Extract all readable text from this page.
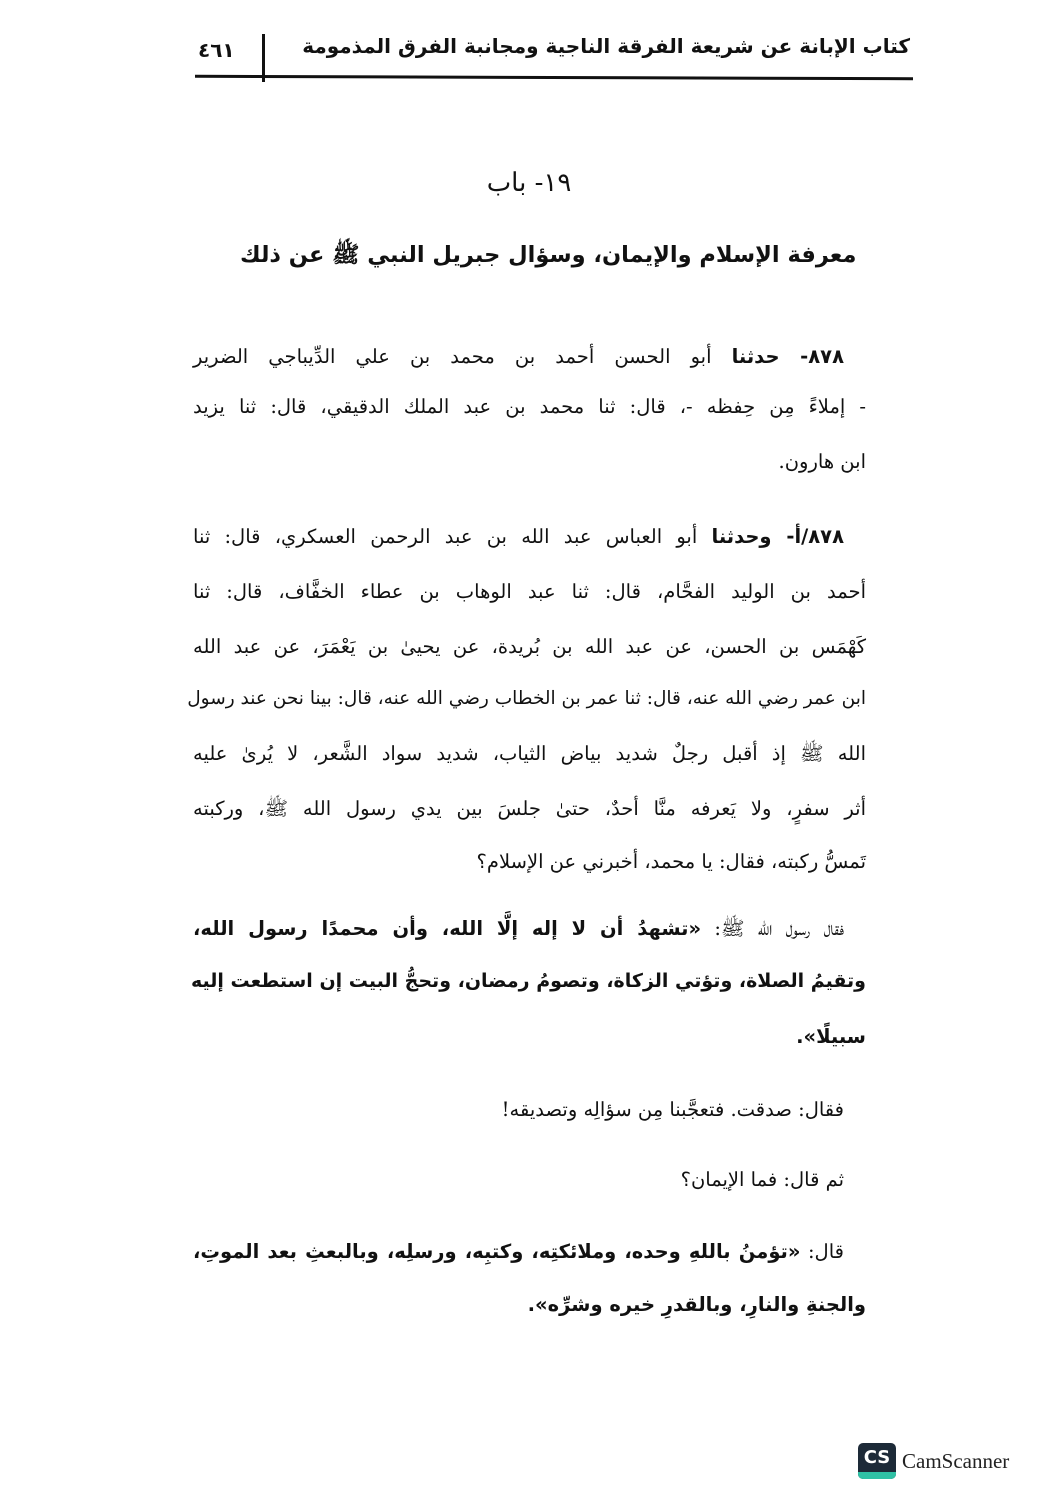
كتاب الإبانة عن شريعة الفرقة الناجية ومجانبة الفرق المذمومة
٤٦١
١٩- باب
معرفة الإسلام والإيمان، وسؤال جبريل النبي ﷺ عن ذلك
٨٧٨- حدثنا أبو الحسن أحمد بن محمد بن علي الدِّيباجي الضرير
- إملاءً مِن حِفظه -، قال: ثنا محمد بن عبد الملك الدقيقي، قال: ثنا يزيد
ابن هارون.
٨٧٨/أ- وحدثنا أبو العباس عبد الله بن عبد الرحمن العسكري، قال: ثنا
أحمد بن الوليد الفحَّام، قال: ثنا عبد الوهاب بن عطاء الخفَّاف، قال: ثنا
كَهْمَس بن الحسن، عن عبد الله بن بُريدة، عن يحيىٰ بن يَعْمَرَ، عن عبد الله
ابن عمر رضي الله عنه، قال: ثنا عمر بن الخطاب رضي الله عنه، قال: بينا نحن عند رسول
الله ﷺ إذ أقبل رجلٌ شديد بياض الثياب، شديد سواد الشَّعر، لا يُرىٰ عليه
أثر سفرٍ، ولا يَعرفه منَّا أحدٌ، حتىٰ جلسَ بين يدي رسول الله ﷺ، وركبته
تَمسُّ ركبته، فقال: يا محمد، أخبرني عن الإسلام؟
فقال رسول الله ﷺ: «تشهدُ أن لا إله إلَّا الله، وأن محمدًا رسول الله،
وتقيمُ الصلاة، وتؤتي الزكاة، وتصومُ رمضان، وتحجُّ البيت إن استطعت إليه
سبيلًا».
فقال: صدقت. فتعجَّبنا مِن سؤالِه وتصديقه!
ثم قال: فما الإيمان؟
قال: «تؤمنُ باللهِ وحده، وملائكتِه، وكتبِه، ورسلِه، وبالبعثِ بعد الموتِ،
والجنةِ والنارِ، وبالقدرِ خيره وشرِّه».
CS CamScanner
